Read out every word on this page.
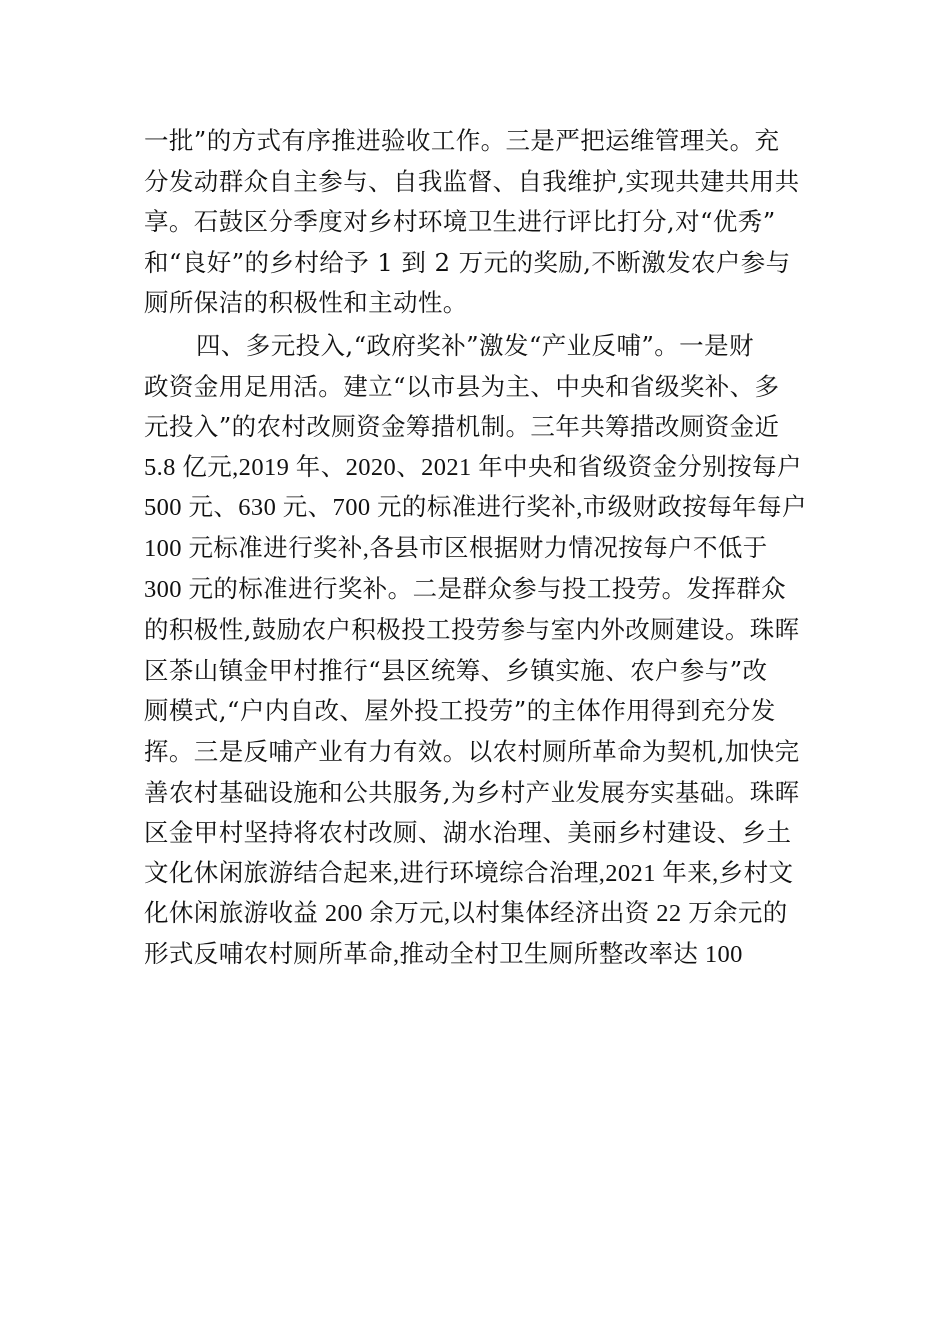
一批”的方式有序推进验收工作。三是严把运维管理关。充
分发动群众自主参与、自我监督、自我维护,实现共建共用共
享。石鼓区分季度对乡村环境卫生进行评比打分,对“优秀”
和“良好”的乡村给予 1 到 2 万元的奖励,不断激发农户参与
厕所保洁的积极性和主动性。
四、多元投入,“政府奖补”激发“产业反哺”。一是财
政资金用足用活。建立“以市县为主、中央和省级奖补、多
元投入”的农村改厕资金筹措机制。三年共筹措改厕资金近
5.8 亿元,2019 年、2020、2021 年中央和省级资金分别按每户
500 元、630 元、700 元的标准进行奖补,市级财政按每年每户
100 元标准进行奖补,各县市区根据财力情况按每户不低于
300 元的标准进行奖补。二是群众参与投工投劳。发挥群众
的积极性,鼓励农户积极投工投劳参与室内外改厕建设。珠晖
区茶山镇金甲村推行“县区统筹、乡镇实施、农户参与”改
厕模式,“户内自改、屋外投工投劳”的主体作用得到充分发
挥。三是反哺产业有力有效。以农村厕所革命为契机,加快完
善农村基础设施和公共服务,为乡村产业发展夯实基础。珠晖
区金甲村坚持将农村改厕、湖水治理、美丽乡村建设、乡土
文化休闲旅游结合起来,进行环境综合治理,2021 年来,乡村文
化休闲旅游收益 200 余万元,以村集体经济出资 22 万余元的
形式反哺农村厕所革命,推动全村卫生厕所整改率达 100
